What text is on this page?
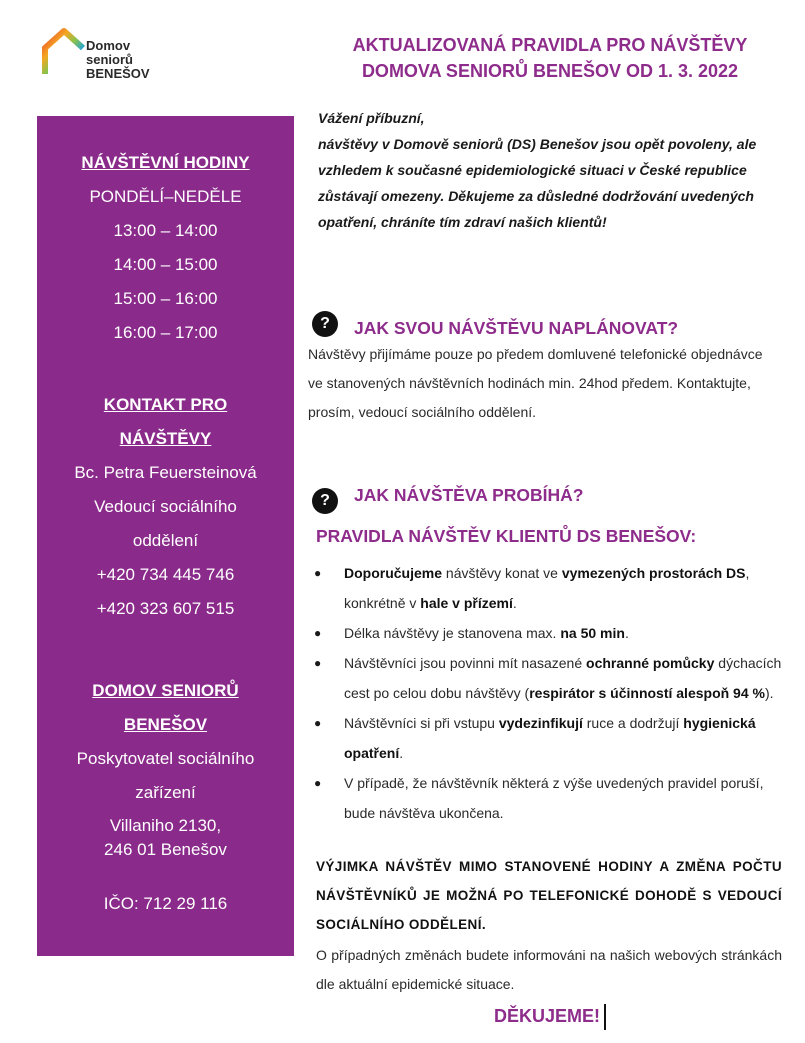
Domov
seniorů
BENEŠOV
AKTUALIZOVANÁ PRAVIDLA PRO NÁVŠTĚVY
DOMOVA SENIORŮ BENEŠOV OD 1. 3. 2022
NÁVŠTĚVNÍ HODINY
PONDĚLÍ–NEDĚLE
13:00 – 14:00
14:00 – 15:00
15:00 – 16:00
16:00 – 17:00
KONTAKT PRO
NÁVŠTĚVY
Bc. Petra Feuersteinová
Vedoucí sociálního
oddělení
+420 734 445 746
+420 323 607 515
DOMOV SENIORŮ
BENEŠOV
Poskytovatel sociálního
zařízení
Villaniho 2130,
246 01 Benešov
IČO: 712 29 116
Vážení příbuzní,
návštěvy v Domově seniorů (DS) Benešov jsou opět povoleny, ale vzhledem k současné epidemiologické situaci v České republice zůstávají omezeny. Děkujeme za důsledné dodržování uvedených opatření, chráníte tím zdraví našich klientů!
?	JAK SVOU NÁVŠTĚVU NAPLÁNOVAT?
Návštěvy přijímáme pouze po předem domluvené telefonické objednávce ve stanovených návštěvních hodinách min. 24hod předem. Kontaktujte, prosím, vedoucí sociálního oddělení.
?	JAK NÁVŠTĚVA PROBÍHÁ?
PRAVIDLA NÁVŠTĚV KLIENTŮ DS BENEŠOV:
● Doporučujeme návštěvy konat ve vymezených prostorách DS, konkrétně v hale v přízemí.
● Délka návštěvy je stanovena max. na 50 min.
● Návštěvníci jsou povinni mít nasazené ochranné pomůcky dýchacích cest po celou dobu návštěvy (respirátor s účinností alespoň 94 %).
● Návštěvníci si při vstupu vydezinfikují ruce a dodržují hygienická opatření.
● V případě, že návštěvník některá z výše uvedených pravidel poruší, bude návštěva ukončena.
VÝJIMKA NÁVŠTĚV MIMO STANOVENÉ HODINY A ZMĚNA POČTU NÁVŠTĚVNÍKŮ JE MOŽNÁ PO TELEFONICKÉ DOHODĚ S VEDOUCÍ SOCIÁLNÍHO ODDĚLENÍ.
O případných změnách budete informováni na našich webových stránkách dle aktuální epidemické situace.
DĚKUJEME!
